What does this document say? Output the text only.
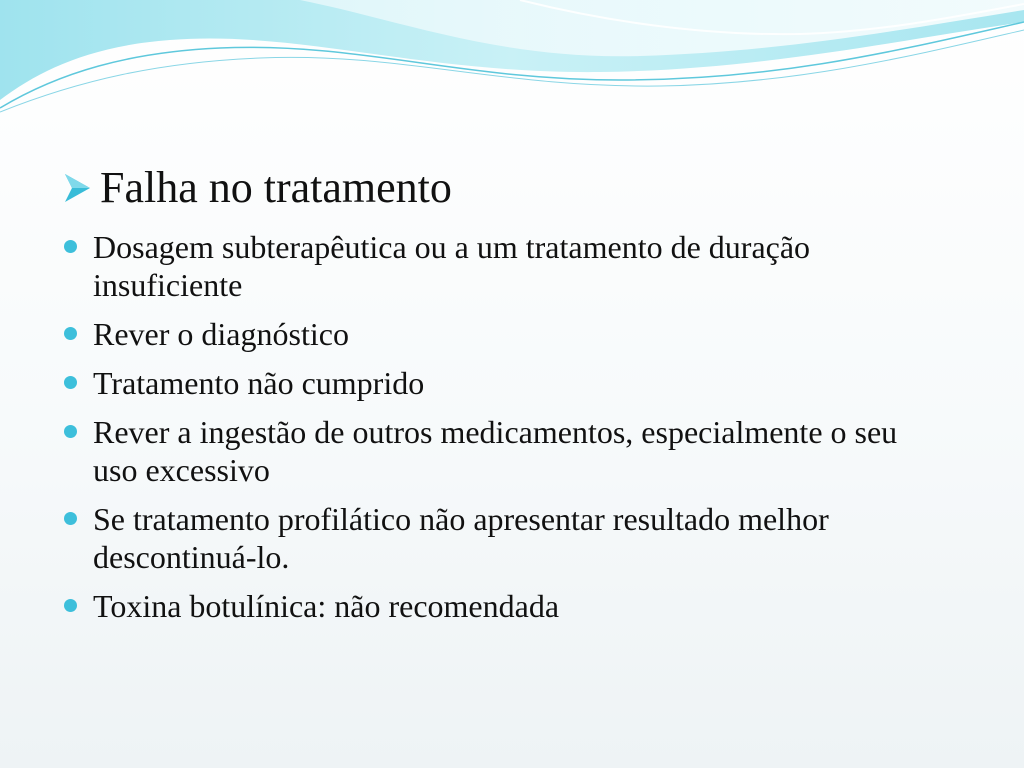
Falha no tratamento
Dosagem subterapêutica ou a um tratamento de duração insuficiente
Rever o diagnóstico
Tratamento não cumprido
Rever a ingestão de outros medicamentos, especialmente o seu uso excessivo
Se tratamento profilático não apresentar resultado melhor descontinuá-lo.
Toxina botulínica: não recomendada
